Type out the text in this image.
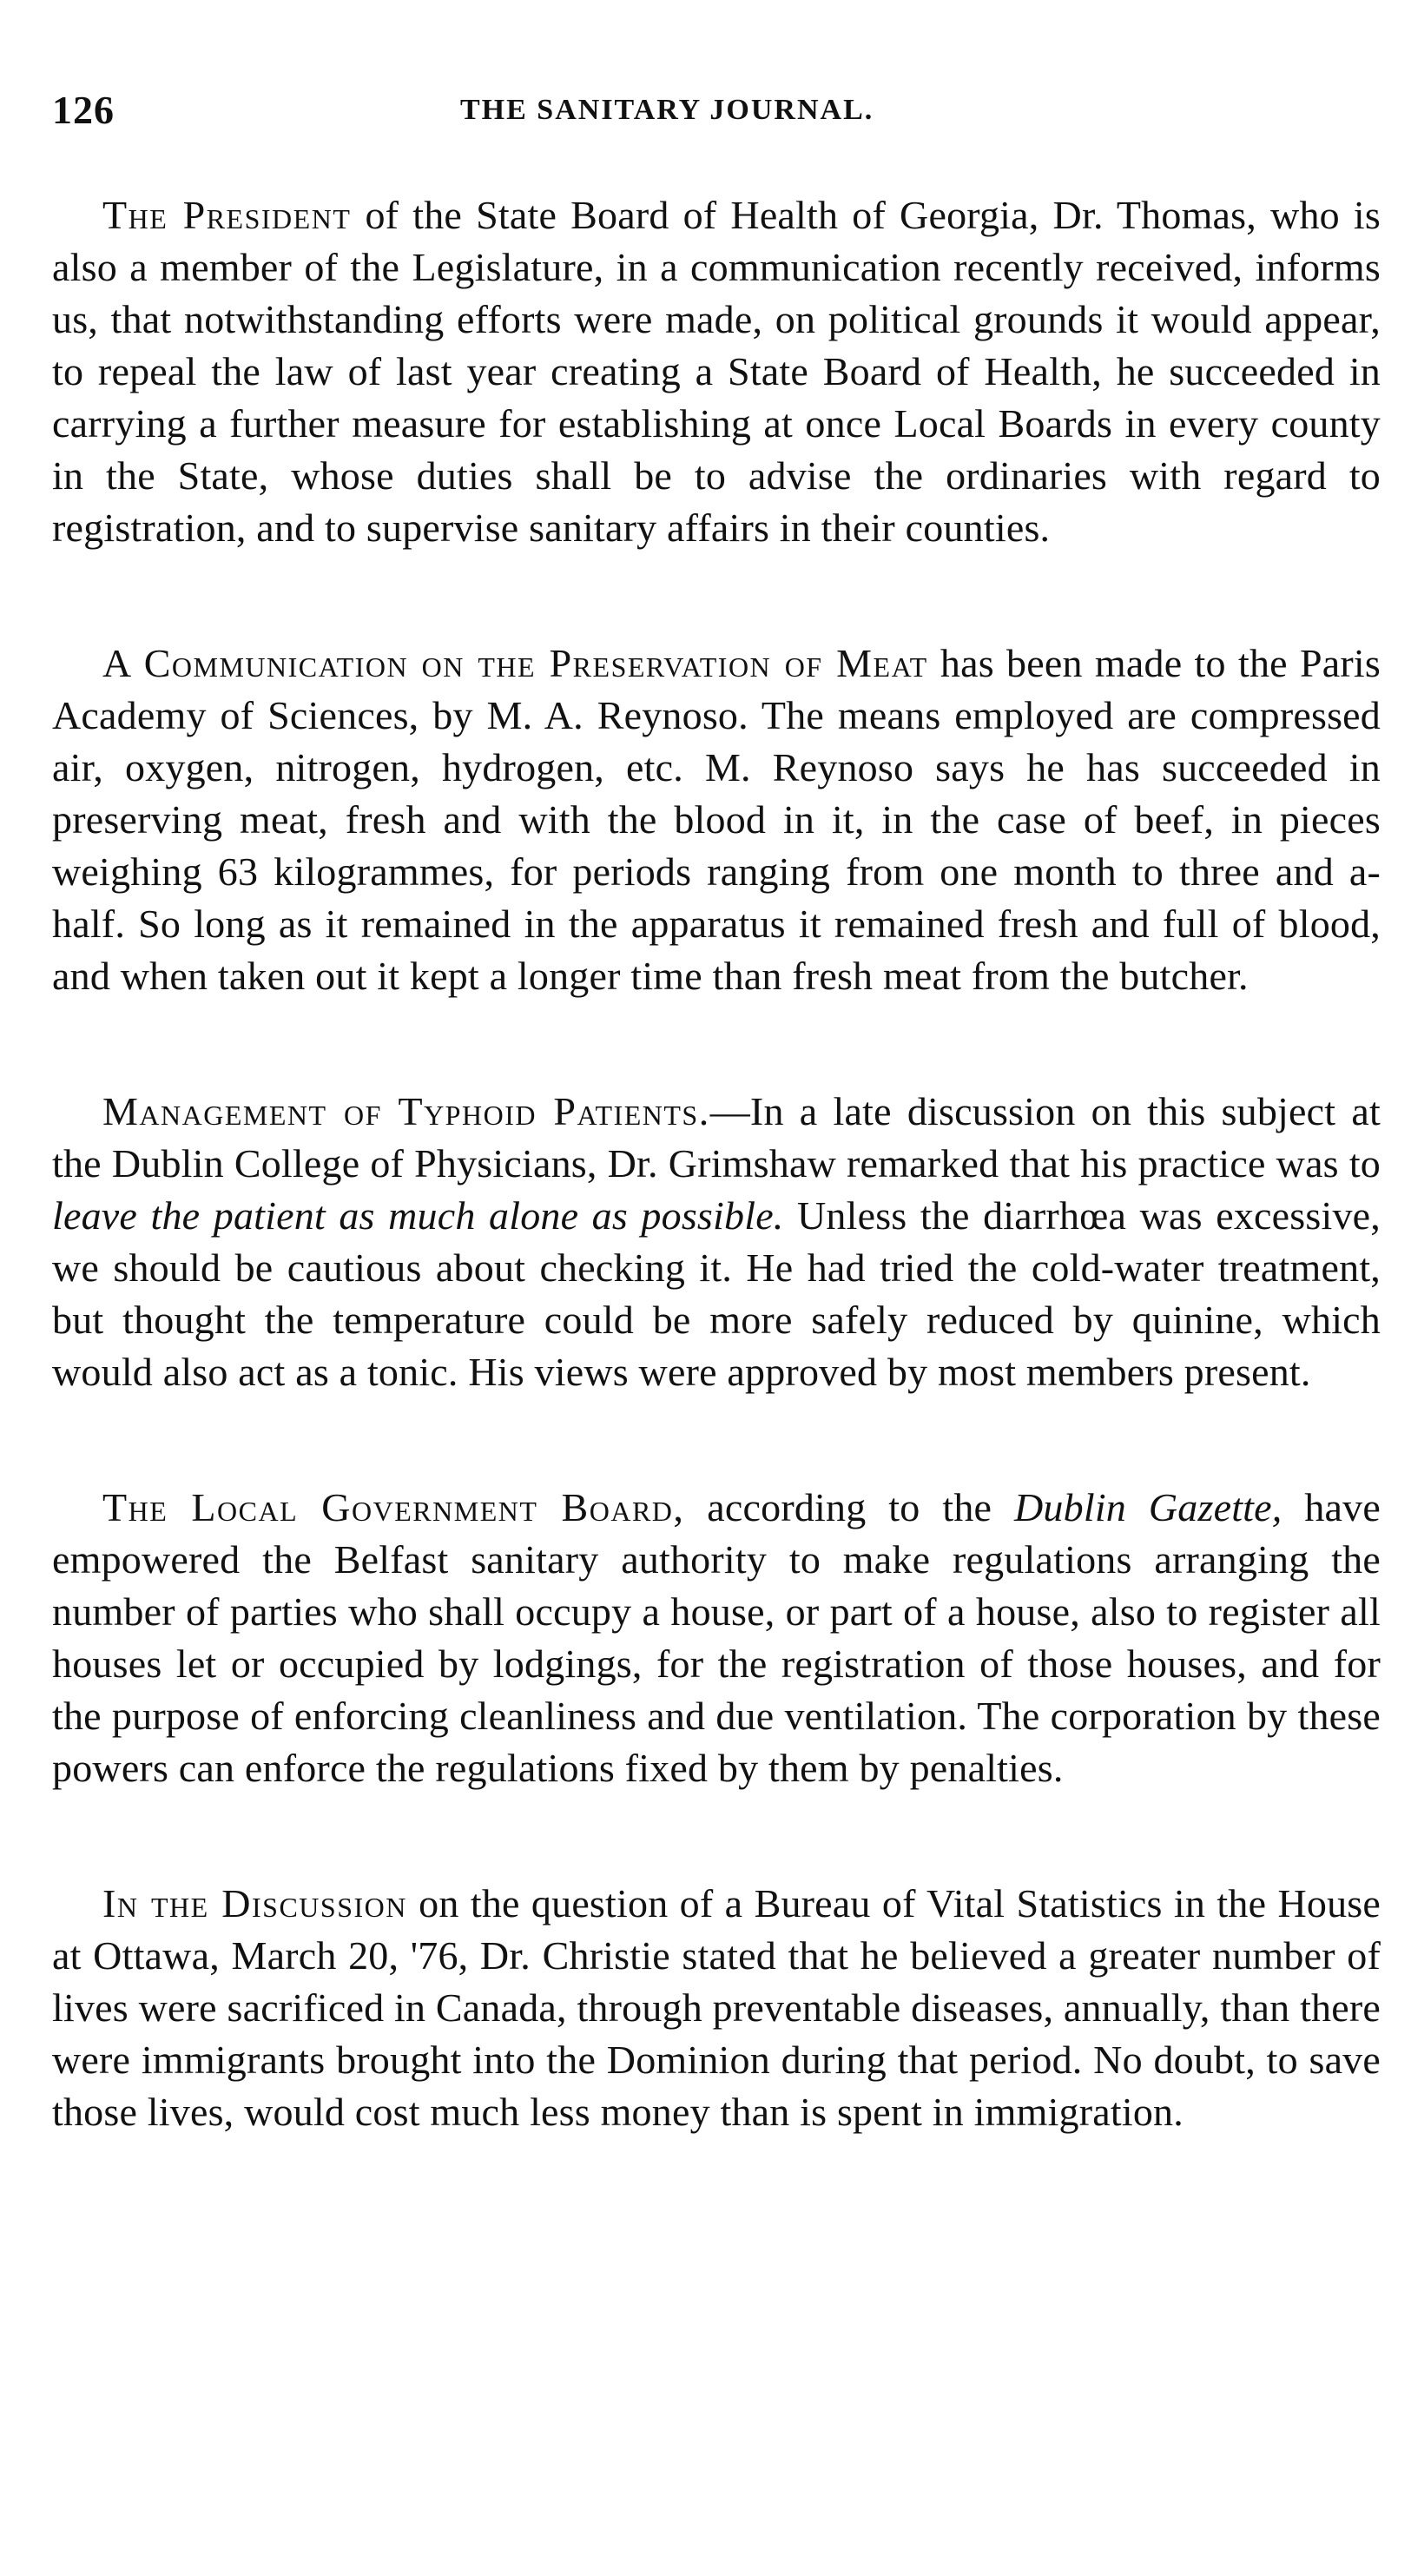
126	THE SANITARY JOURNAL.

The President of the State Board of Health of Georgia, Dr. Thomas, who is also a member of the Legislature, in a communication recently received, informs us, that notwithstanding efforts were made, on political grounds it would appear, to repeal the law of last year creating a State Board of Health, he succeeded in carrying a further measure for establishing at once Local Boards in every county in the State, whose duties shall be to advise the ordinaries with regard to registration, and to supervise sanitary affairs in their counties.

A Communication on the Preservation of Meat has been made to the Paris Academy of Sciences, by M. A. Reynoso. The means employed are compressed air, oxygen, nitrogen, hydrogen, etc. M. Reynoso says he has succeeded in preserving meat, fresh and with the blood in it, in the case of beef, in pieces weighing 63 kilogrammes, for periods ranging from one month to three and a-half. So long as it remained in the apparatus it remained fresh and full of blood, and when taken out it kept a longer time than fresh meat from the butcher.

Management of Typhoid Patients.—In a late discussion on this subject at the Dublin College of Physicians, Dr. Grimshaw remarked that his practice was to leave the patient as much alone as possible. Unless the diarrhœa was excessive, we should be cautious about checking it. He had tried the cold-water treatment, but thought the temperature could be more safely reduced by quinine, which would also act as a tonic. His views were approved by most members present.

The Local Government Board, according to the Dublin Gazette, have empowered the Belfast sanitary authority to make regulations arranging the number of parties who shall occupy a house, or part of a house, also to register all houses let or occupied by lodgings, for the registration of those houses, and for the purpose of enforcing cleanliness and due ventilation. The corporation by these powers can enforce the regulations fixed by them by penalties.

In the Discussion on the question of a Bureau of Vital Statistics in the House at Ottawa, March 20, '76, Dr. Christie stated that he believed a greater number of lives were sacrificed in Canada, through preventable diseases, annually, than there were immigrants brought into the Dominion during that period. No doubt, to save those lives, would cost much less money than is spent in immigration.
